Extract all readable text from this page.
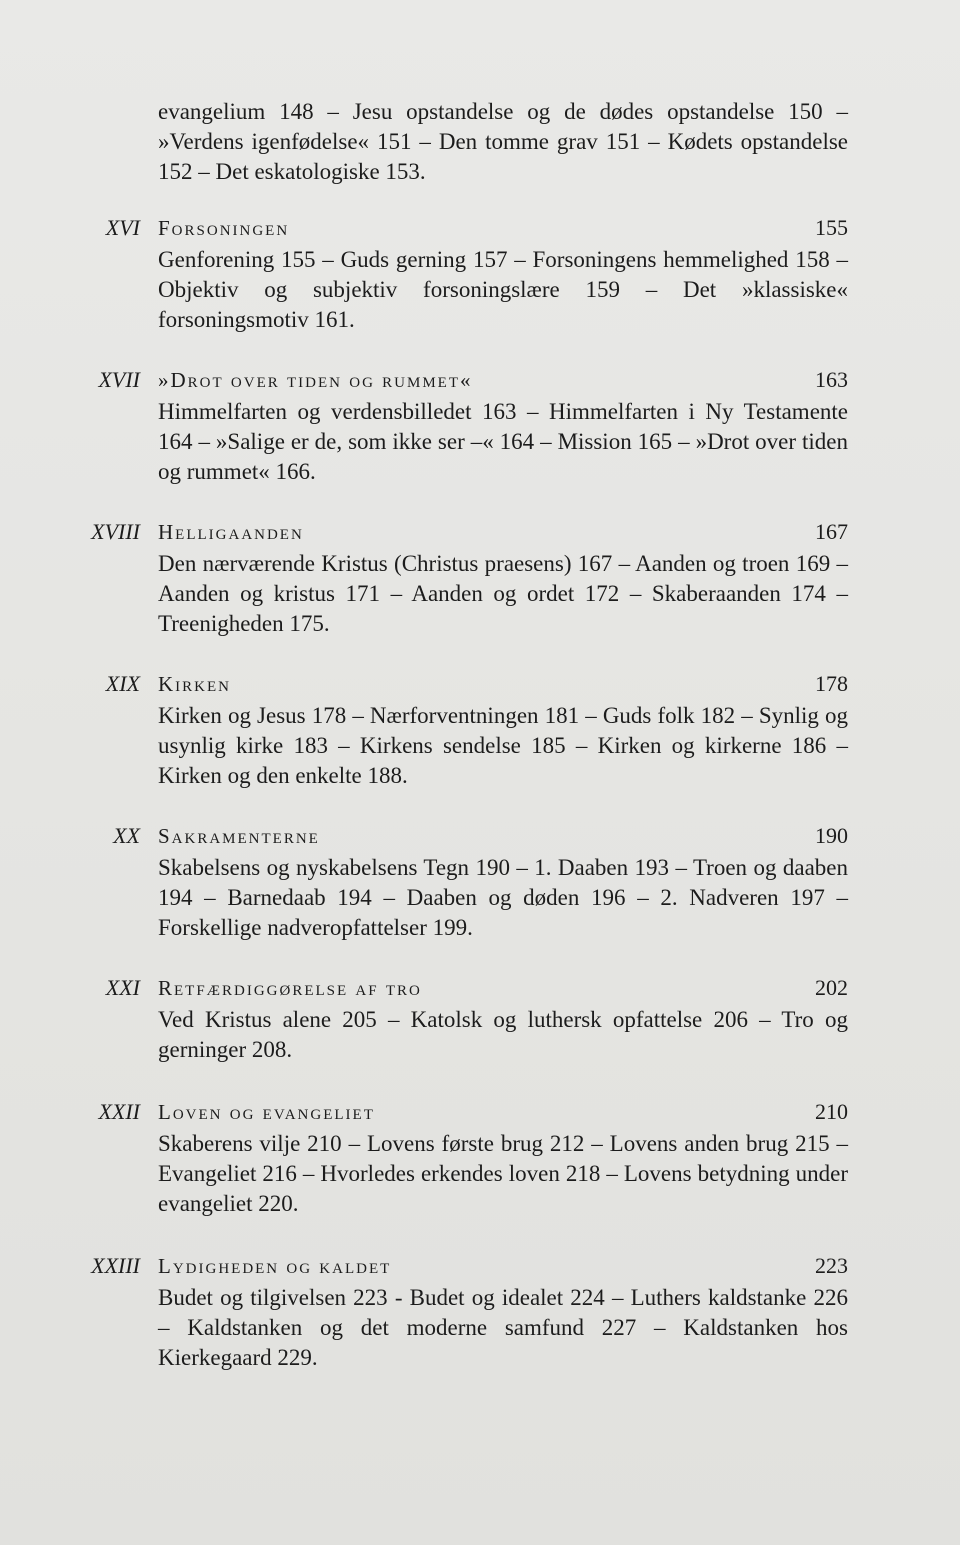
evangelium 148 – Jesu opstandelse og de dødes opstandelse 150 – »Verdens igenfødelse« 151 – Den tomme grav 151 – Kødets opstandelse 152 – Det eskatologiske 153.

XVI Forsoningen	155

Genforening 155 – Guds gerning 157 – Forsoningens hemmelighed 158 – Objektiv og subjektiv forsoningslære 159 – Det »klassiske« forsoningsmotiv 161.

XVII »Drot over tiden og rummet«	163

Himmelfarten og verdensbilledet 163 – Himmelfarten i Ny Testamente 164 – »Salige er de, som ikke ser –« 164 – Mission 165 – »Drot over tiden og rummet« 166.

XVIII Helligaanden	167

Den nærværende Kristus (Christus praesens) 167 – Aanden og troen 169 – Aanden og kristus 171 – Aanden og ordet 172 – Skaberaanden 174 – Treenigheden 175.

XIX Kirken	178

Kirken og Jesus 178 – Nærforventningen 181 – Guds folk 182 – Synlig og usynlig kirke 183 – Kirkens sendelse 185 – Kirken og kirkerne 186 – Kirken og den enkelte 188.

XX Sakramenterne	190

Skabelsens og nyskabelsens Tegn 190 – 1. Daaben 193 – Troen og daaben 194 – Barnedaab 194 – Daaben og døden 196 – 2. Nadveren 197 – Forskellige nadveropfattelser 199.

XXI Retfærdiggørelse af tro	202

Ved Kristus alene 205 – Katolsk og luthersk opfattelse 206 – Tro og gerninger 208.

XXII Loven og evangeliet	210

Skaberens vilje 210 – Lovens første brug 212 – Lovens anden brug 215 – Evangeliet 216 – Hvorledes erkendes loven 218 – Lovens betydning under evangeliet 220.

XXIII Lydigheden og kaldet	223

Budet og tilgivelsen 223 - Budet og idealet 224 – Luthers kaldstanke 226 – Kaldstanken og det moderne samfund 227 – Kaldstanken hos Kierkegaard 229.
